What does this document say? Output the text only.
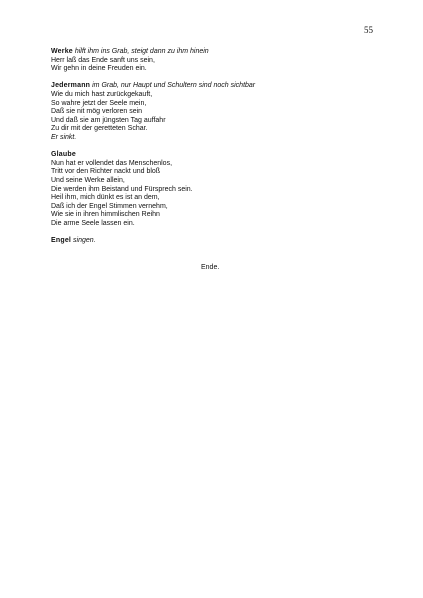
55
Werke hilft ihm ins Grab, steigt dann zu ihm hinein
Herr laß das Ende sanft uns sein,
Wir gehn in deine Freuden ein.
Jedermann im Grab, nur Haupt und Schultern sind noch sichtbar
Wie du mich hast zurückgekauft,
So wahre jetzt der Seele mein,
Daß sie nit mög verloren sein
Und daß sie am jüngsten Tag auffahr
Zu dir mit der geretteten Schar.
Er sinkt.
Glaube
Nun hat er vollendet das Menschenlos,
Tritt vor den Richter nackt und bloß
Und seine Werke allein,
Die werden ihm Beistand und Fürsprech sein.
Heil ihm, mich dünkt es ist an dem,
Daß ich der Engel Stimmen vernehm,
Wie sie in ihren himmlischen Reihn
Die arme Seele lassen ein.
Engel singen.
Ende.
